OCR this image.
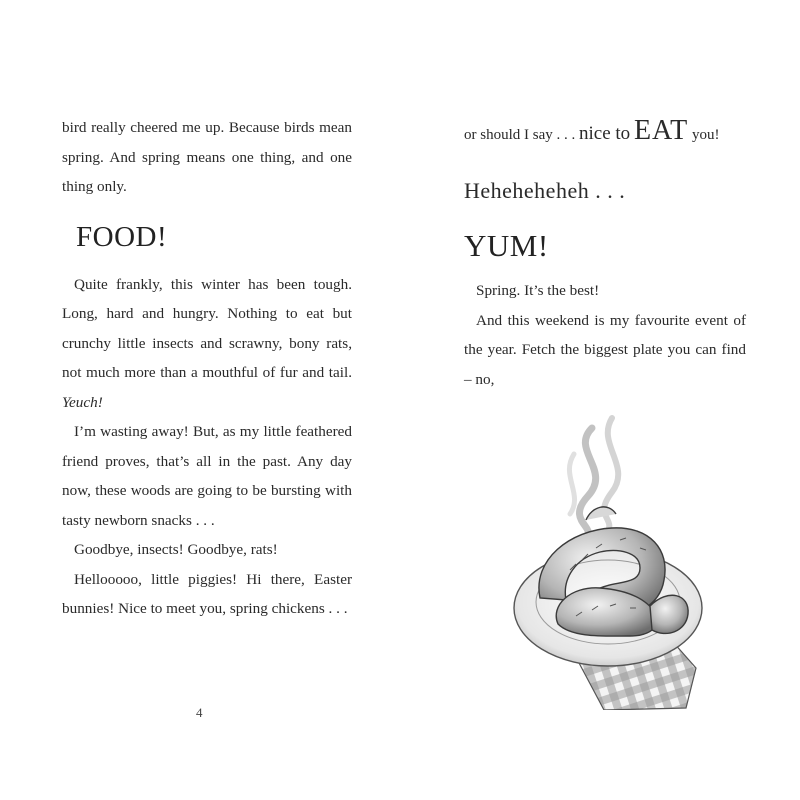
bird really cheered me up. Because birds mean spring. And spring means one thing, and one thing only.

FOOD!

Quite frankly, this winter has been tough. Long, hard and hungry. Nothing to eat but crunchy little insects and scrawny, bony rats, not much more than a mouthful of fur and tail. Yeuch!

I’m wasting away! But, as my little feathered friend proves, that’s all in the past. Any day now, these woods are going to be bursting with tasty newborn snacks . . .

Goodbye, insects! Goodbye, rats!

Hellooooo, little piggies! Hi there, Easter bunnies! Nice to meet you, spring chickens . . .

4

or should I say . . . nice to EAT you!

Heheheheheh . . .

YUM!

Spring. It’s the best!

And this weekend is my favourite event of the year. Fetch the biggest plate you can find – no,
